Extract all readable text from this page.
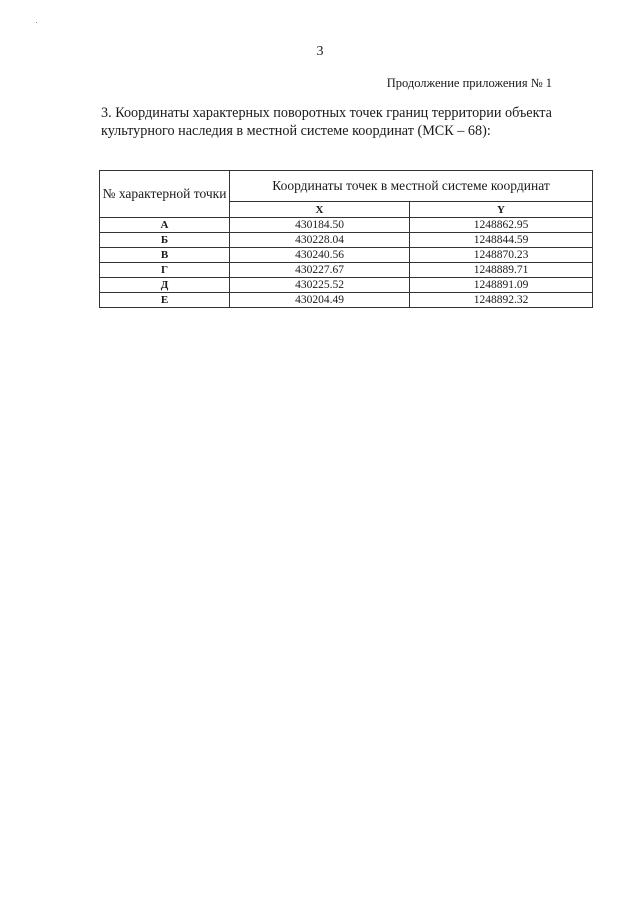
3
Продолжение приложения № 1

3. Координаты характерных поворотных точек границ территории объекта культурного наследия в местной системе координат (МСК – 68):

№ характерной точки	Координаты точек в местной системе координат	
	X	Y
А	430184.50	1248862.95
Б	430228.04	1248844.59
В	430240.56	1248870.23
Г	430227.67	1248889.71
Д	430225.52	1248891.09
Е	430204.49	1248892.32
